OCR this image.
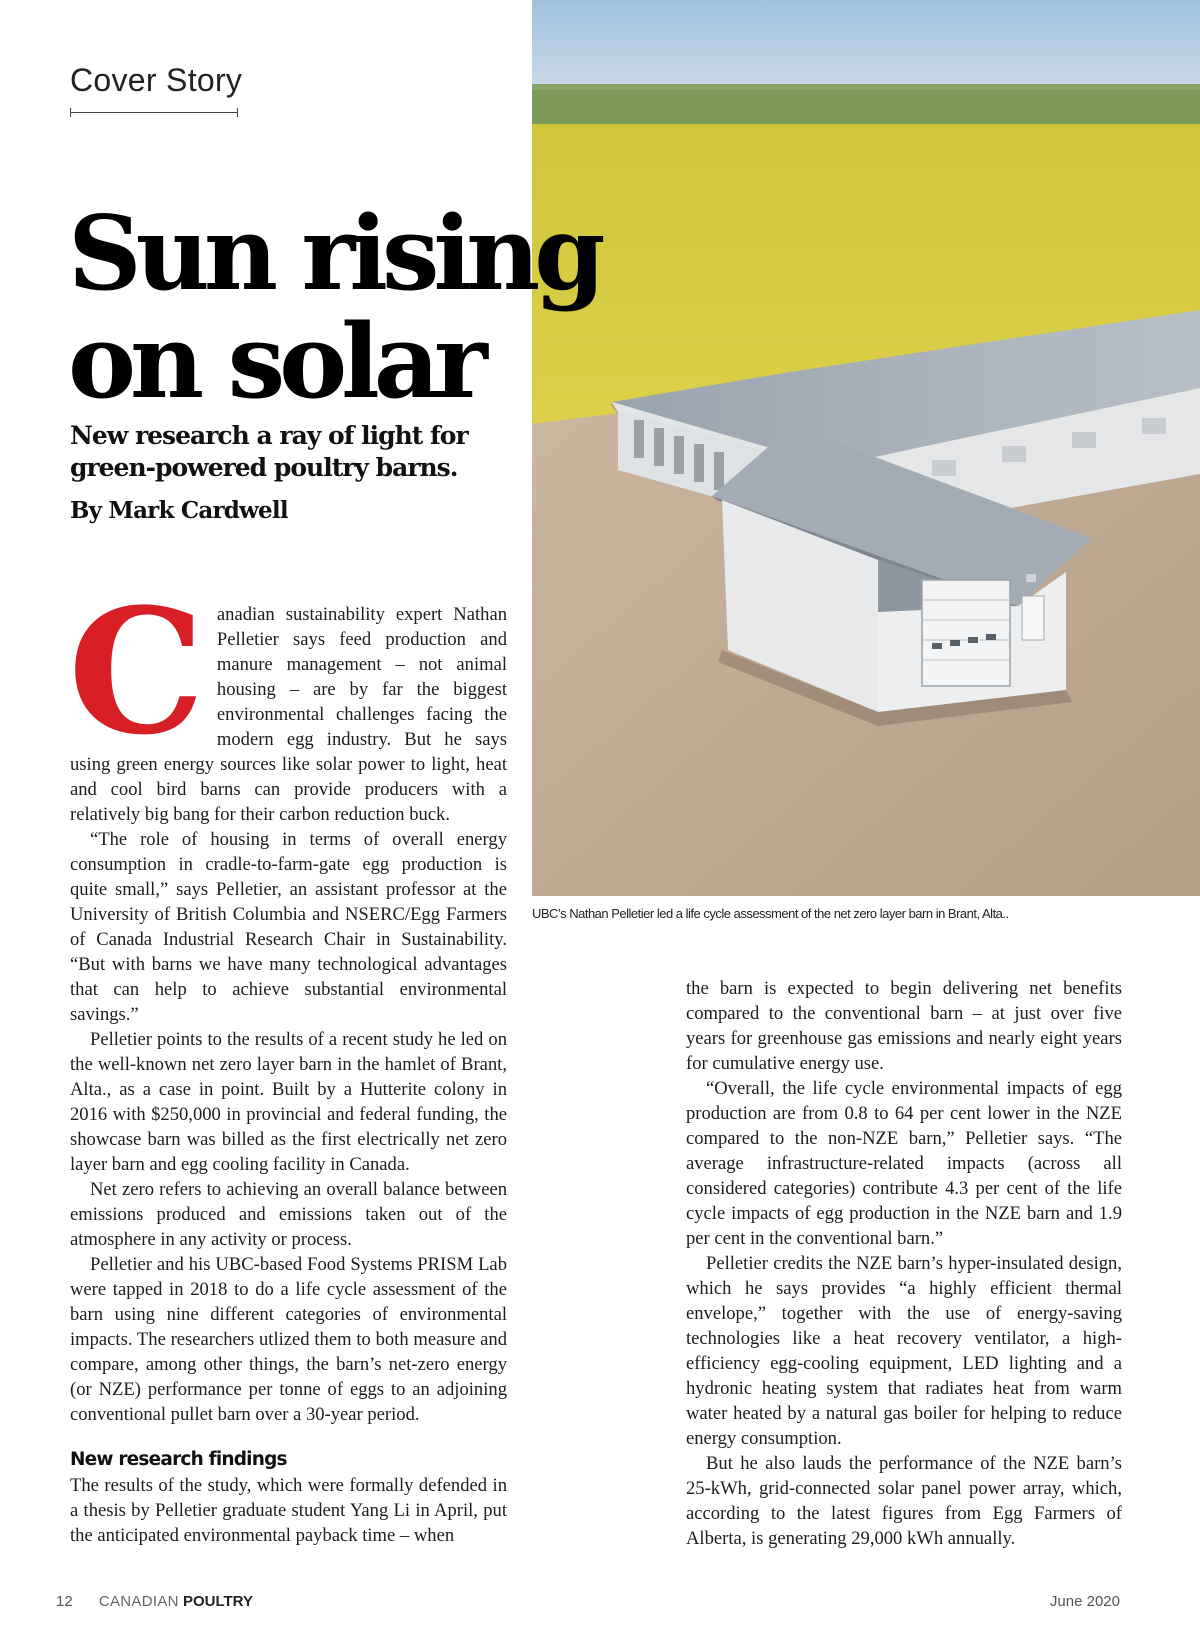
Cover Story
Sun rising
on solar

New research a ray of light for green-powered poultry barns.

By Mark Cardwell

C anadian sustainability expert Nathan Pelletier says feed production and manure management – not animal housing – are by far the biggest environmental challenges facing the modern egg industry. But he says using green energy sources like solar power to light, heat and cool bird barns can provide producers with a relatively big bang for their carbon reduction buck.

“The role of housing in terms of overall energy consumption in cradle-to-farm-gate egg production is quite small,” says Pelletier, an assistant professor at the University of British Columbia and NSERC/Egg Farmers of Canada Industrial Research Chair in Sustainability. “But with barns we have many technological advantages that can help to achieve substantial environmental savings.”

Pelletier points to the results of a recent study he led on the well-known net zero layer barn in the hamlet of Brant, Alta., as a case in point. Built by a Hutterite colony in 2016 with $250,000 in provincial and federal funding, the showcase barn was billed as the first electrically net zero layer barn and egg cooling facility in Canada.

Net zero refers to achieving an overall balance between emissions produced and emissions taken out of the atmosphere in any activity or process.

Pelletier and his UBC-based Food Systems PRISM Lab were tapped in 2018 to do a life cycle assessment of the barn using nine different categories of environmental impacts. The researchers utlized them to both measure and compare, among other things, the barn’s net-zero energy (or NZE) performance per tonne of eggs to an adjoining conventional pullet barn over a 30-year period.

New research findings

The results of the study, which were formally defended in a thesis by Pelletier graduate student Yang Li in April, put the anticipated environmental payback time – when

UBC’s Nathan Pelletier led a life cycle assessment of the net zero layer barn in Brant, Alta..

the barn is expected to begin delivering net benefits compared to the conventional barn – at just over five years for greenhouse gas emissions and nearly eight years for cumulative energy use.

“Overall, the life cycle environmental impacts of egg production are from 0.8 to 64 per cent lower in the NZE compared to the non-NZE barn,” Pelletier says. “The average infrastructure-related impacts (across all considered categories) contribute 4.3 per cent of the life cycle impacts of egg production in the NZE barn and 1.9 per cent in the conventional barn.”

Pelletier credits the NZE barn’s hyper-insulated design, which he says provides “a highly efficient thermal envelope,” together with the use of energy-saving technologies like a heat recovery ventilator, a high-efficiency egg-cooling equipment, LED lighting and a hydronic heating system that radiates heat from warm water heated by a natural gas boiler for helping to reduce energy consumption.

But he also lauds the performance of the NZE barn’s 25-kWh, grid-connected solar panel power array, which, according to the latest figures from Egg Farmers of Alberta, is generating 29,000 kWh annually.

12 CANADIAN POULTRY	June 2020
